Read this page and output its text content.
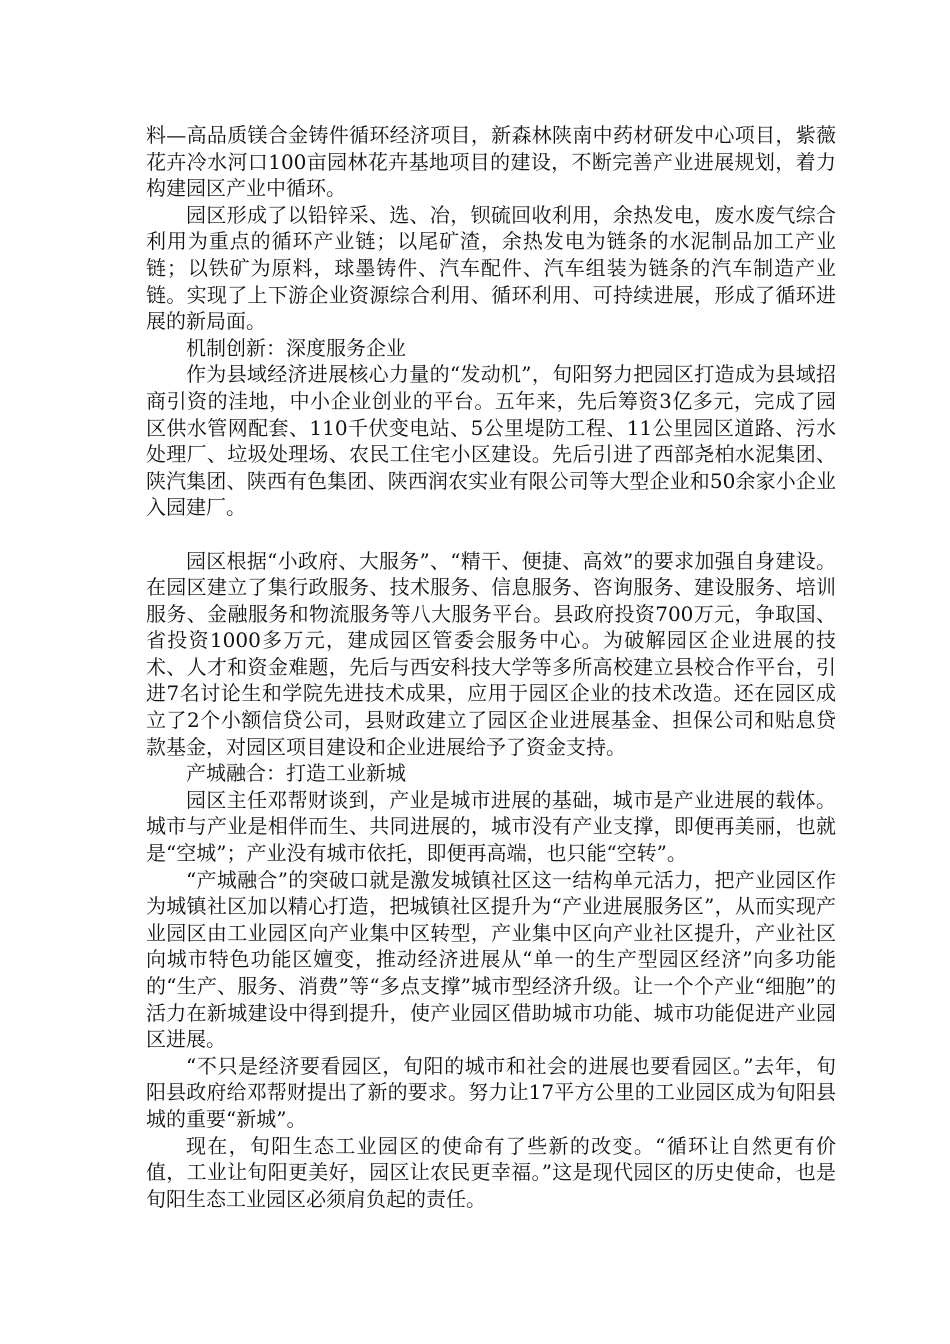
料—高品质镁合金铸件循环经济项目，新森林陕南中药材研发中心项目，紫薇花卉冷水河口100亩园林花卉基地项目的建设，不断完善产业进展规划，着力构建园区产业中循环。

园区形成了以铅锌采、选、冶，钡硫回收利用，余热发电，废水废气综合利用为重点的循环产业链；以尾矿渣，余热发电为链条的水泥制品加工产业链；以铁矿为原料，球墨铸件、汽车配件、汽车组装为链条的汽车制造产业链。实现了上下游企业资源综合利用、循环利用、可持续进展，形成了循环进展的新局面。

机制创新：深度服务企业

作为县域经济进展核心力量的“发动机”，旬阳努力把园区打造成为县域招商引资的洼地，中小企业创业的平台。五年来，先后筹资3亿多元，完成了园区供水管网配套、110千伏变电站、5公里堤防工程、11公里园区道路、污水处理厂、垃圾处理场、农民工住宅小区建设。先后引进了西部尧柏水泥集团、陕汽集团、陕西有色集团、陕西润农实业有限公司等大型企业和50余家小企业入园建厂。

园区根据“小政府、大服务”、“精干、便捷、高效”的要求加强自身建设。在园区建立了集行政服务、技术服务、信息服务、咨询服务、建设服务、培训服务、金融服务和物流服务等八大服务平台。县政府投资700万元，争取国、省投资1000多万元，建成园区管委会服务中心。为破解园区企业进展的技术、人才和资金难题，先后与西安科技大学等多所高校建立县校合作平台，引进7名讨论生和学院先进技术成果，应用于园区企业的技术改造。还在园区成立了2个小额信贷公司，县财政建立了园区企业进展基金、担保公司和贴息贷款基金，对园区项目建设和企业进展给予了资金支持。

产城融合：打造工业新城

园区主任邓帮财谈到，产业是城市进展的基础，城市是产业进展的载体。城市与产业是相伴而生、共同进展的，城市没有产业支撑，即便再美丽，也就是“空城”；产业没有城市依托，即便再高端，也只能“空转”。

“产城融合”的突破口就是激发城镇社区这一结构单元活力，把产业园区作为城镇社区加以精心打造，把城镇社区提升为“产业进展服务区”，从而实现产业园区由工业园区向产业集中区转型，产业集中区向产业社区提升，产业社区向城市特色功能区嬗变，推动经济进展从“单一的生产型园区经济”向多功能的“生产、服务、消费”等“多点支撑”城市型经济升级。让一个个产业“细胞”的活力在新城建设中得到提升，使产业园区借助城市功能、城市功能促进产业园区进展。

“不只是经济要看园区，旬阳的城市和社会的进展也要看园区。”去年，旬阳县政府给邓帮财提出了新的要求。努力让17平方公里的工业园区成为旬阳县城的重要“新城”。

现在，旬阳生态工业园区的使命有了些新的改变。“循环让自然更有价值，工业让旬阳更美好，园区让农民更幸福。”这是现代园区的历史使命，也是旬阳生态工业园区必须肩负起的责任。
